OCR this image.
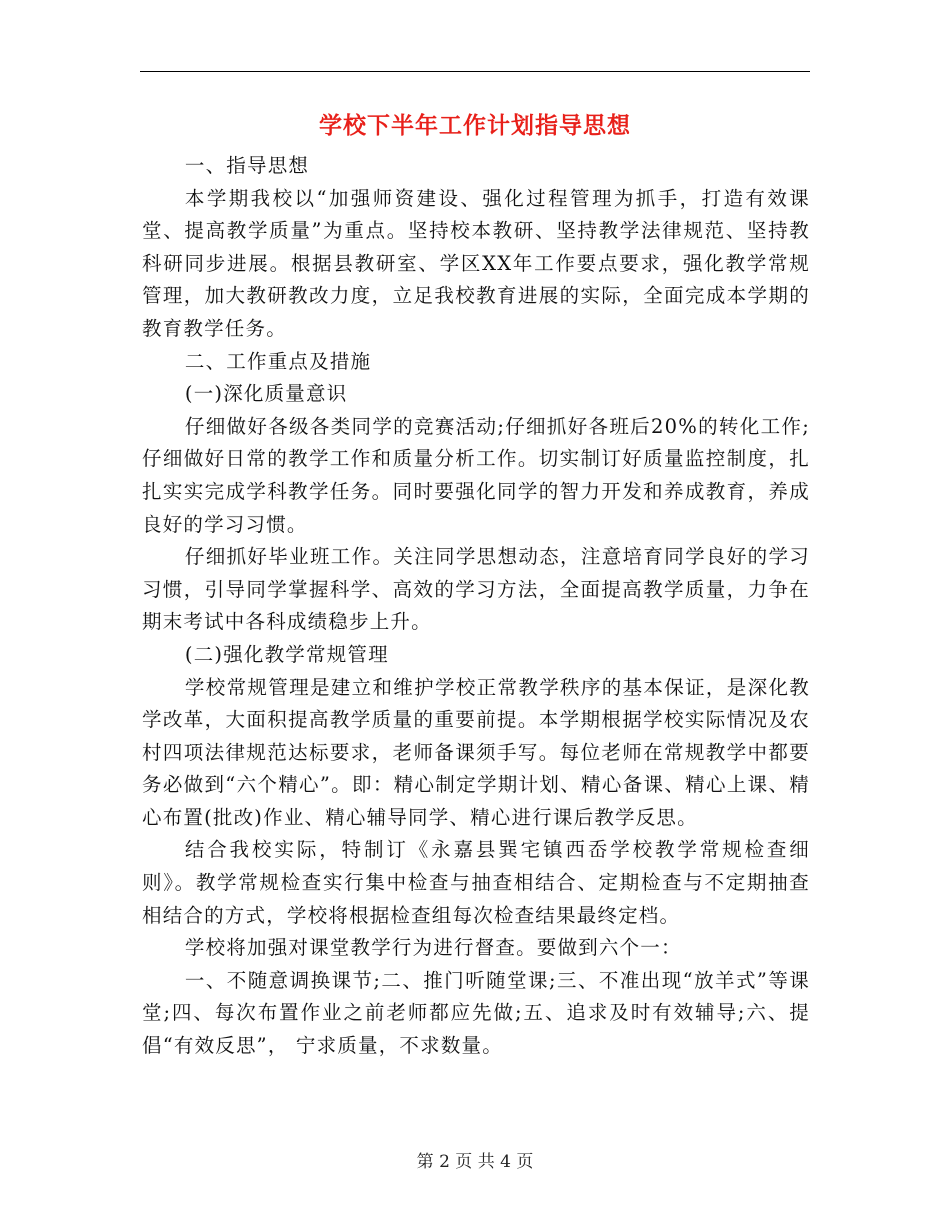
学校下半年工作计划指导思想

一、指导思想

本学期我校以“加强师资建设、强化过程管理为抓手，打造有效课堂、提高教学质量”为重点。坚持校本教研、坚持教学法律规范、坚持教科研同步进展。根据县教研室、学区XX年工作要点要求，强化教学常规管理，加大教研教改力度，立足我校教育进展的实际，全面完成本学期的教育教学任务。

二、工作重点及措施

(一)深化质量意识

仔细做好各级各类同学的竞赛活动;仔细抓好各班后20%的转化工作;仔细做好日常的教学工作和质量分析工作。切实制订好质量监控制度，扎扎实实完成学科教学任务。同时要强化同学的智力开发和养成教育，养成良好的学习习惯。

仔细抓好毕业班工作。关注同学思想动态，注意培育同学良好的学习习惯，引导同学掌握科学、高效的学习方法，全面提高教学质量，力争在期末考试中各科成绩稳步上升。

(二)强化教学常规管理

学校常规管理是建立和维护学校正常教学秩序的基本保证，是深化教学改革，大面积提高教学质量的重要前提。本学期根据学校实际情况及农村四项法律规范达标要求，老师备课须手写。每位老师在常规教学中都要务必做到“六个精心”。即：精心制定学期计划、精心备课、精心上课、精心布置(批改)作业、精心辅导同学、精心进行课后教学反思。

结合我校实际，特制订《永嘉县巽宅镇西岙学校教学常规检查细则》。教学常规检查实行集中检查与抽查相结合、定期检查与不定期抽查相结合的方式，学校将根据检查组每次检查结果最终定档。

学校将加强对课堂教学行为进行督查。要做到六个一：

一、不随意调换课节;二、推门听随堂课;三、不准出现“放羊式”等课堂;四、每次布置作业之前老师都应先做;五、追求及时有效辅导;六、提倡“有效反思”， 宁求质量，不求数量。

第 2 页 共 4 页
